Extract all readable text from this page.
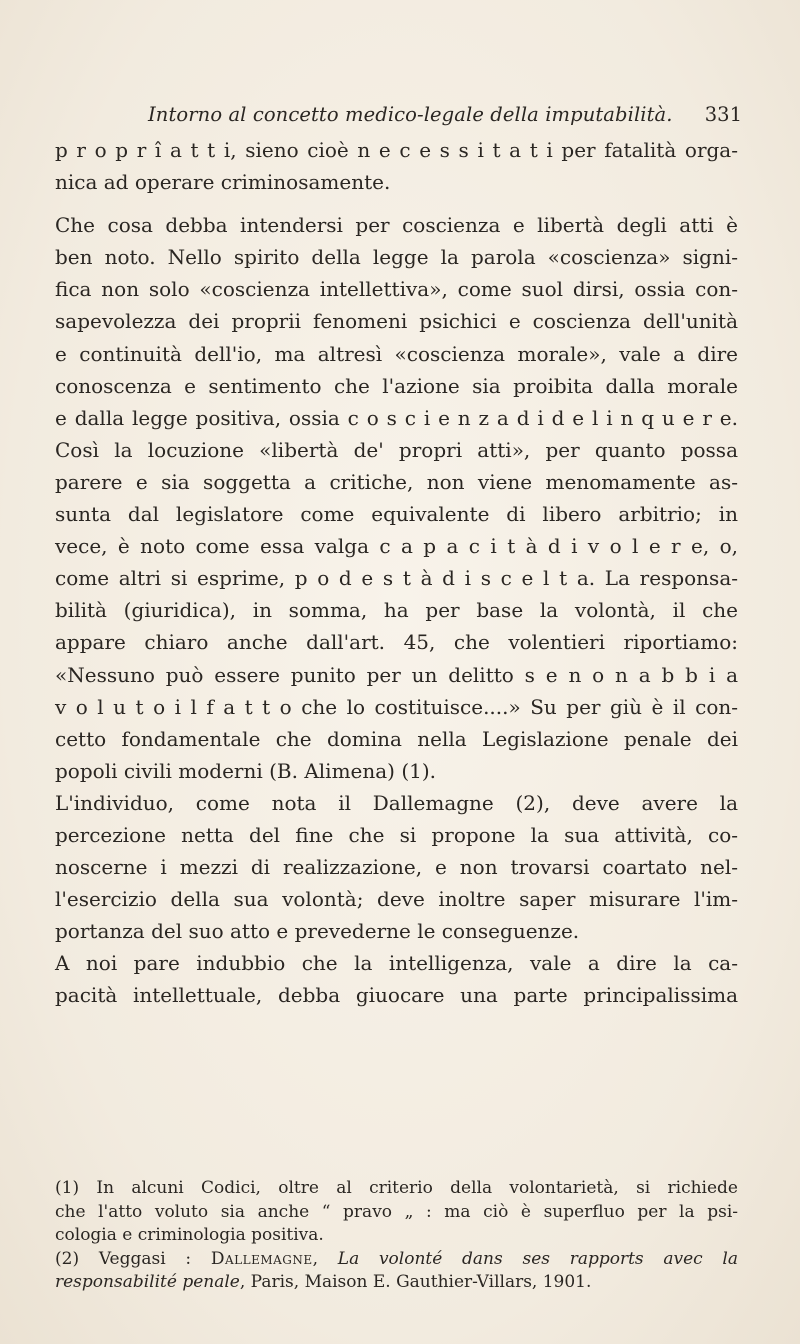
Intorno al concetto medico-legale della imputabilità. 331
p r o p r î a t t i, sieno cioè n e c e s s i t a t i per fatalità orga-
nica ad operare criminosamente.
Che cosa debba intendersi per coscienza e libertà degli atti è
ben noto. Nello spirito della legge la parola «coscienza» signi-
fica non solo «coscienza intellettiva», come suol dirsi, ossia con-
sapevolezza dei proprii fenomeni psichici e coscienza dell'unità
e continuità dell'io, ma altresì «coscienza morale», vale a dire
conoscenza e sentimento che l'azione sia proibita dalla morale
e dalla legge positiva, ossia c o s c i e n z a d i d e l i n q u e r e.
Così la locuzione «libertà de' propri atti», per quanto possa
parere e sia soggetta a critiche, non viene menomamente as-
sunta dal legislatore come equivalente di libero arbitrio; in
vece, è noto come essa valga c a p a c i t à d i v o l e r e, o,
come altri si esprime, p o d e s t à d i s c e l t a. La responsa-
bilità (giuridica), in somma, ha per base la volontà, il che
appare chiaro anche dall'art. 45, che volentieri riportiamo:
«Nessuno può essere punito per un delitto s e n o n a b b i a
v o l u t o i l f a t t o che lo costituisce....» Su per giù è il con-
cetto fondamentale che domina nella Legislazione penale dei
popoli civili moderni (B. Alimena) (1).
L'individuo, come nota il Dallemagne (2), deve avere la
percezione netta del fine che si propone la sua attività, co-
noscerne i mezzi di realizzazione, e non trovarsi coartato nel-
l'esercizio della sua volontà; deve inoltre saper misurare l'im-
portanza del suo atto e prevederne le conseguenze.
A noi pare indubbio che la intelligenza, vale a dire la ca-
pacità intellettuale, debba giuocare una parte principalissima
(1) In alcuni Codici, oltre al criterio della volontarietà, si richiede
che l'atto voluto sia anche “ pravo „ : ma ciò è superfluo per la psi-
cologia e criminologia positiva.
(2) Veggasi : Dallemagne, La volonté dans ses rapports avec la
responsabilité penale, Paris, Maison E. Gauthier-Villars, 1901.
